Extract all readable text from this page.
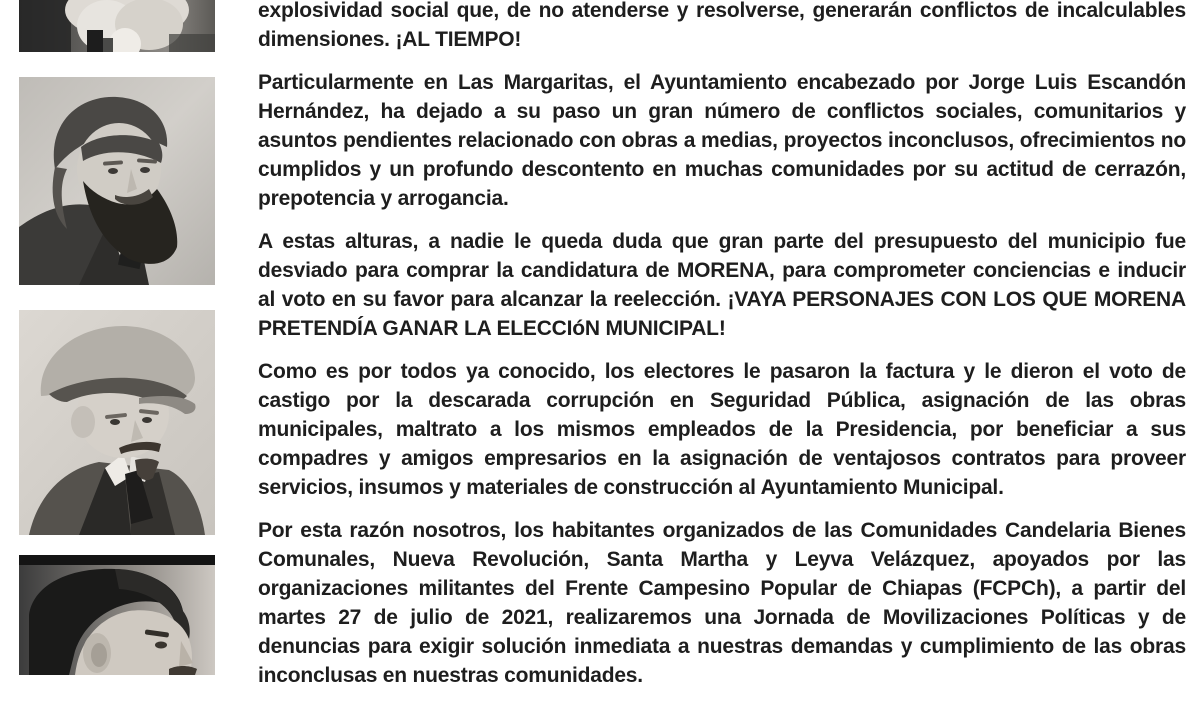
explosividad social que, de no atenderse y resolverse, generarán conflictos de incalculables dimensiones. ¡AL TIEMPO!

Particularmente en Las Margaritas, el Ayuntamiento encabezado por Jorge Luis Escandón Hernández, ha dejado a su paso un gran número de conflictos sociales, comunitarios y asuntos pendientes relacionado con obras a medias, proyectos inconclusos, ofrecimientos no cumplidos y un profundo descontento en muchas comunidades por su actitud de cerrazón, prepotencia y arrogancia.

A estas alturas, a nadie le queda duda que gran parte del presupuesto del municipio fue desviado para comprar la candidatura de MORENA, para comprometer conciencias e inducir al voto en su favor para alcanzar la reelección. ¡VAYA PERSONAJES CON LOS QUE MORENA PRETENDÍA GANAR LA ELECCIóN MUNICIPAL!

Como es por todos ya conocido, los electores le pasaron la factura y le dieron el voto de castigo por la descarada corrupción en Seguridad Pública, asignación de las obras municipales, maltrato a los mismos empleados de la Presidencia, por beneficiar a sus compadres y amigos empresarios en la asignación de ventajosos contratos para proveer servicios, insumos y materiales de construcción al Ayuntamiento Municipal.

Por esta razón nosotros, los habitantes organizados de las Comunidades Candelaria Bienes Comunales, Nueva Revolución, Santa Martha y Leyva Velázquez, apoyados por las organizaciones militantes del Frente Campesino Popular de Chiapas (FCPCh), a partir del martes 27 de julio de 2021, realizaremos una Jornada de Movilizaciones Políticas y de denuncias para exigir solución inmediata a nuestras demandas y cumplimiento de las obras inconclusas en nuestras comunidades.
